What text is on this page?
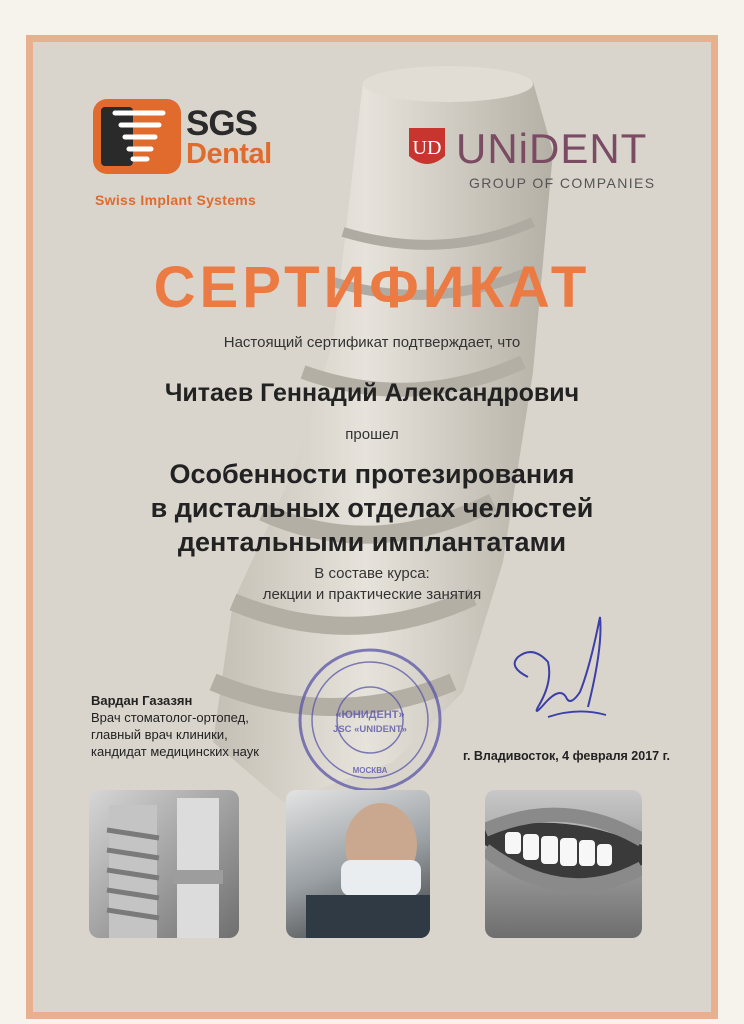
SGS
Dental
Swiss Implant Systems
UD UNiDENT
GROUP OF COMPANIES
СЕРТИФИКАТ
Настоящий сертификат подтверждает, что
Читаев Геннадий Александрович
прошел
Особенности протезирования
в дистальных отделах челюстей
дентальными имплантатами
В составе курса:
лекции и практические занятия
Вардан Газазян
Врач стоматолог-ортопед,
главный врач клиники,
кандидат медицинских наук
«ЮНИДЕНТ»
JSC «UNIDENT»
МОСКВА
г. Владивосток, 4 февраля 2017 г.
